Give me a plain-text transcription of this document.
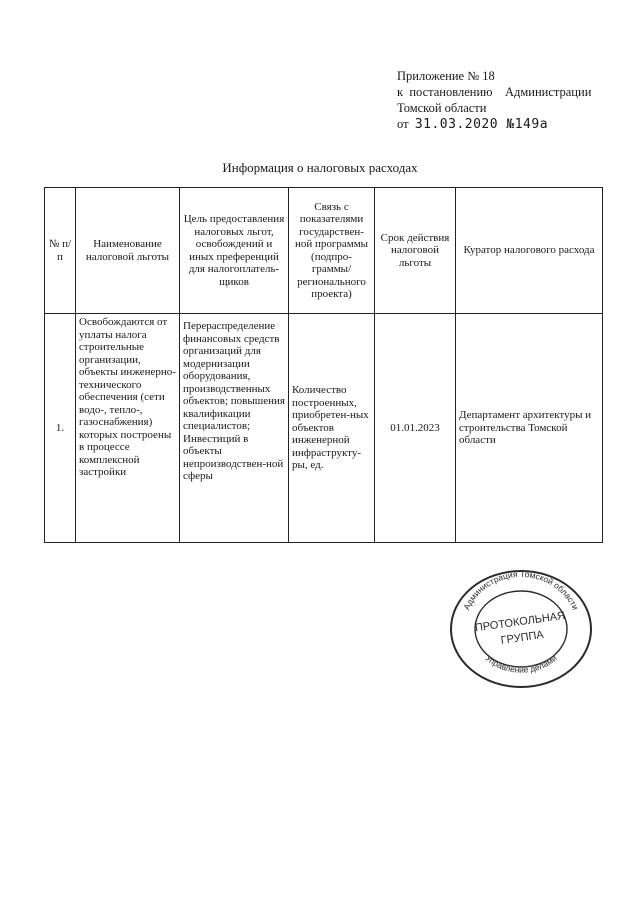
Приложение № 18
к постановлению Администрации
Томской области
от 31.03.2020 №149а
Информация о налоговых расходах
№ п/п	Наименование налоговой льготы	Цель предоставления налоговых льгот, освобождений и иных преференций для налогоплатель-щиков	Связь с показателями государствен-ной программы (подпро-граммы/ регионального проекта)	Срок действия налоговой льготы	Куратор налогового расхода
1.	Освобождаются от уплаты налога строительные организации, объекты инженерно-технического обеспечения (сети водо-, тепло-, газоснабжения) которых построены в процессе комплексной застройки	Перераспределение финансовых средств организаций для модернизации оборудования, производственных объектов; повышения квалификации специалистов; Инвестиций в объекты непроизводствен-ной сферы	Количество построенных, приобретен-ных объектов инженерной инфраструкту-ры, ед.	01.01.2023	Департамент архитектуры и строительства Томской области
Администрация Томской области
Управление делами
ПРОТОКОЛЬНАЯ
ГРУППА
